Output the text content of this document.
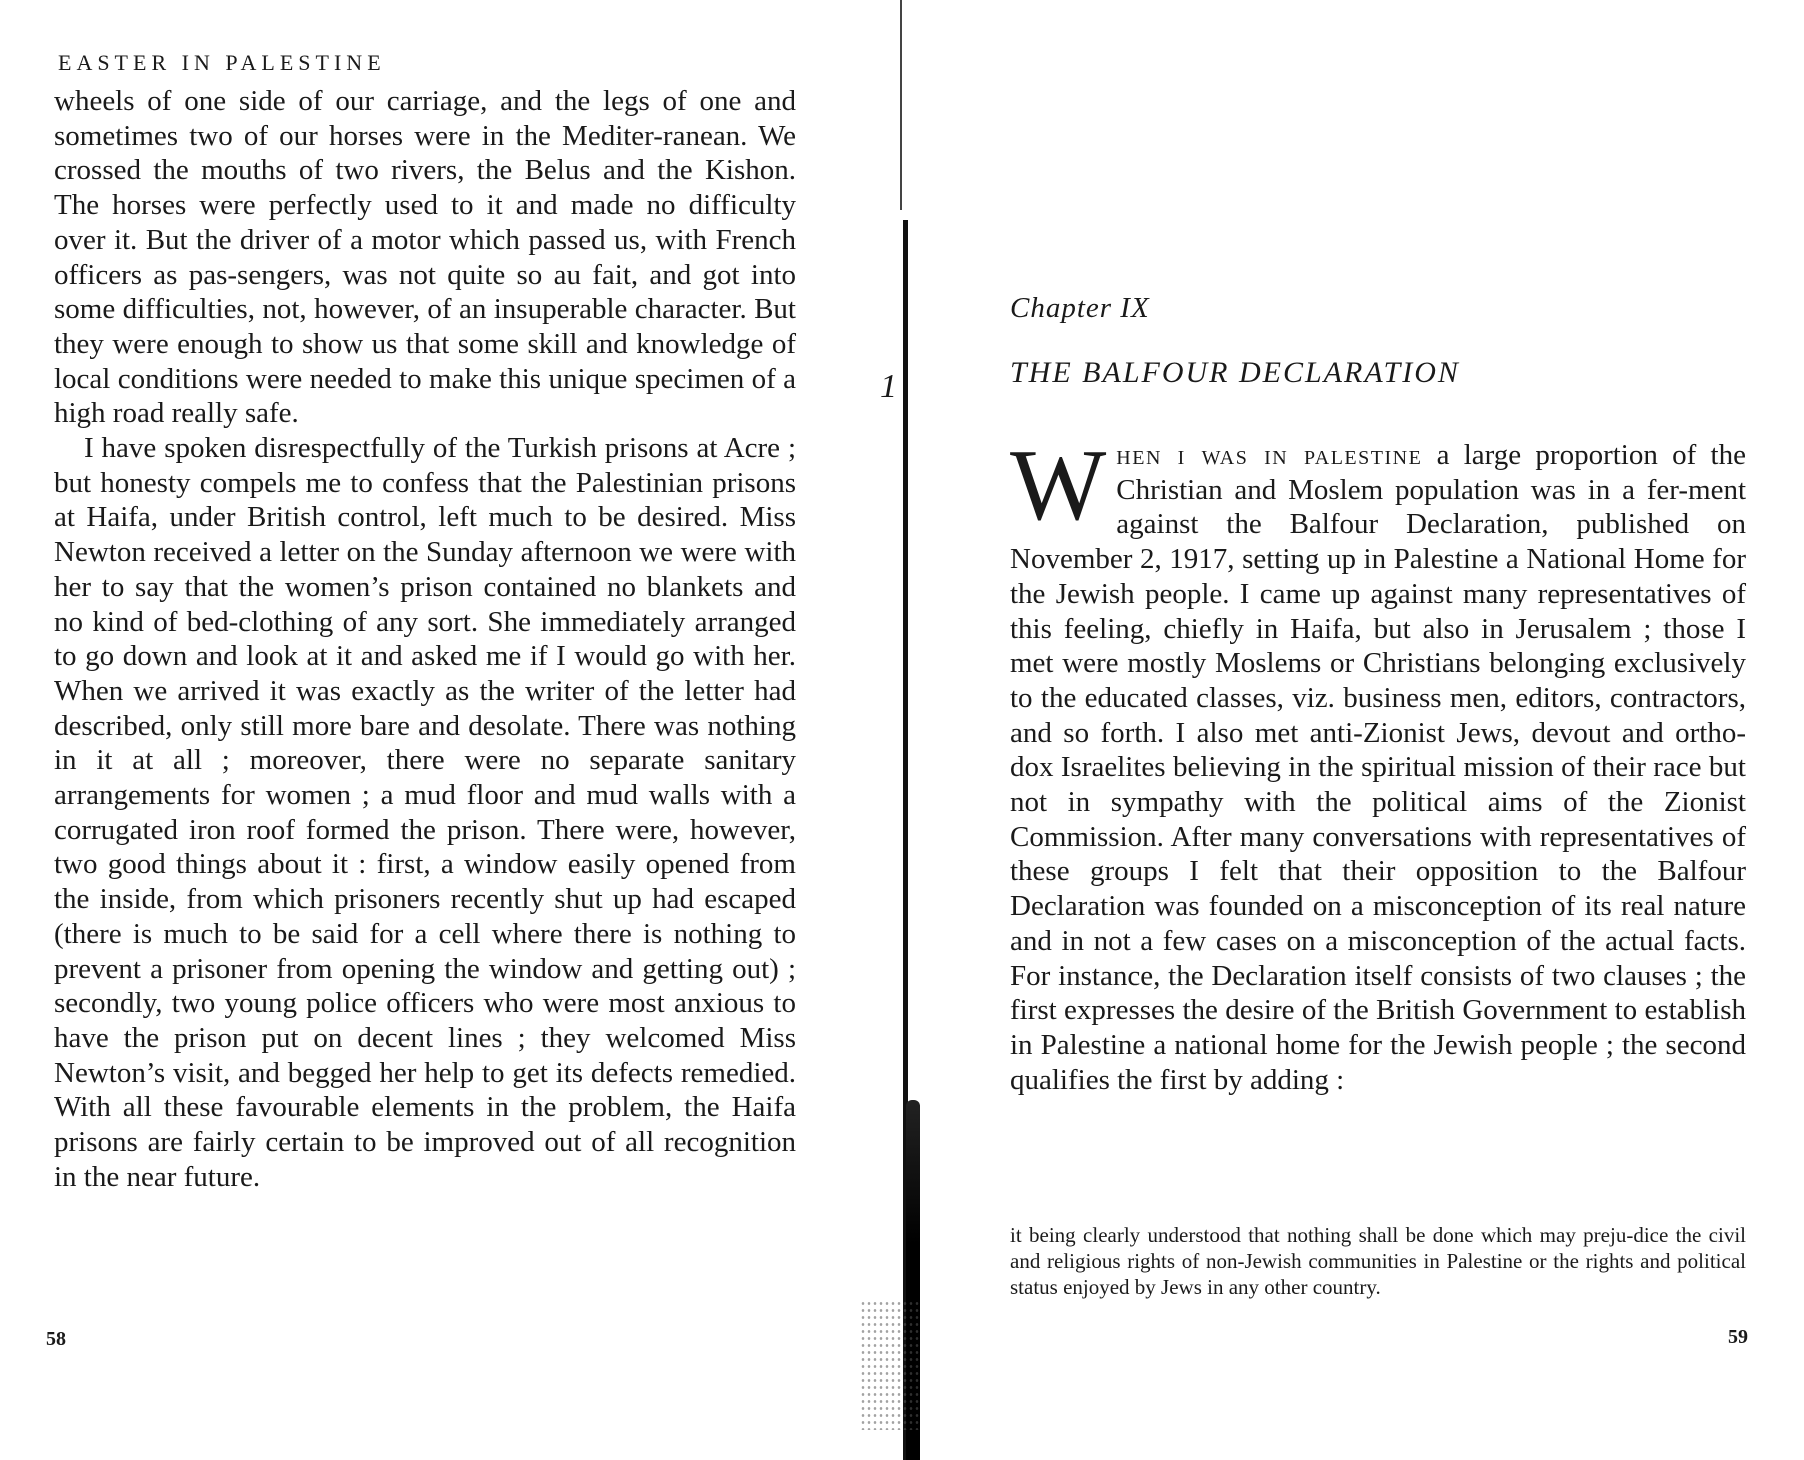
EASTER IN PALESTINE

wheels of one side of our carriage, and the legs of one and sometimes two of our horses were in the Mediter-ranean. We crossed the mouths of two rivers, the Belus and the Kishon. The horses were perfectly used to it and made no difficulty over it. But the driver of a motor which passed us, with French officers as pas-sengers, was not quite so au fait, and got into some difficulties, not, however, of an insuperable character. But they were enough to show us that some skill and knowledge of local conditions were needed to make this unique specimen of a high road really safe.

I have spoken disrespectfully of the Turkish prisons at Acre ; but honesty compels me to confess that the Palestinian prisons at Haifa, under British control, left much to be desired. Miss Newton received a letter on the Sunday afternoon we were with her to say that the women’s prison contained no blankets and no kind of bed-clothing of any sort. She immediately arranged to go down and look at it and asked me if I would go with her. When we arrived it was exactly as the writer of the letter had described, only still more bare and desolate. There was nothing in it at all ; moreover, there were no separate sanitary arrangements for women ; a mud floor and mud walls with a corrugated iron roof formed the prison. There were, however, two good things about it : first, a window easily opened from the inside, from which prisoners recently shut up had escaped (there is much to be said for a cell where there is nothing to prevent a prisoner from opening the window and getting out) ; secondly, two young police officers who were most anxious to have the prison put on decent lines ; they welcomed Miss Newton’s visit, and begged her help to get its defects remedied. With all these favourable elements in the problem, the Haifa prisons are fairly certain to be improved out of all recognition in the near future.

58
1
Chapter IX
THE BALFOUR DECLARATION

When i was in palestine a large proportion of the Christian and Moslem population was in a fer-ment against the Balfour Declaration, published on November 2, 1917, setting up in Palestine a National Home for the Jewish people. I came up against many representatives of this feeling, chiefly in Haifa, but also in Jerusalem ; those I met were mostly Moslems or Christians belonging exclusively to the educated classes, viz. business men, editors, contractors, and so forth. I also met anti-Zionist Jews, devout and ortho-dox Israelites believing in the spiritual mission of their race but not in sympathy with the political aims of the Zionist Commission. After many conversations with representatives of these groups I felt that their opposition to the Balfour Declaration was founded on a misconception of its real nature and in not a few cases on a misconception of the actual facts. For instance, the Declaration itself consists of two clauses ; the first expresses the desire of the British Government to establish in Palestine a national home for the Jewish people ; the second qualifies the first by adding :

it being clearly understood that nothing shall be done which may preju-dice the civil and religious rights of non-Jewish communities in Palestine or the rights and political status enjoyed by Jews in any other country.
59
